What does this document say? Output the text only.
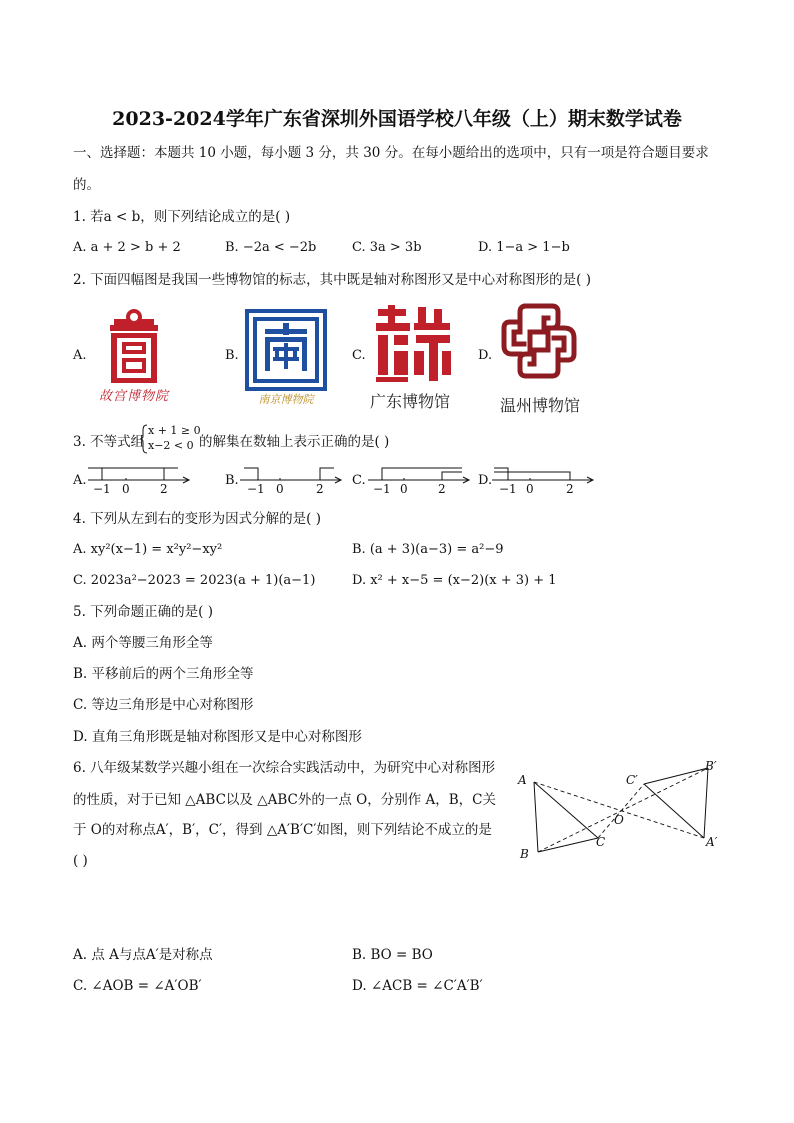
2023-2024学年广东省深圳外国语学校八年级（上）期末数学试卷
一、选择题：本题共 10 小题，每小题 3 分，共 30 分。在每小题给出的选项中，只有一项是符合题目要求
的。
1. 若a < b，则下列结论成立的是( )
A. a + 2 > b + 2	B. −2a < −2b	C. 3a > 3b	D. 1−a > 1−b
2. 下面四幅图是我国一些博物馆的标志，其中既是轴对称图形又是中心对称图形的是( )
A.
故宫博物院
B.
南京博物院
C.
广东博物馆
D.
温州博物馆
3. 不等式组
x + 1 ≥ 0
x−2 < 0 的解集在数轴上表示正确的是( )
A.
−1 0	2
B.
−1 0	2
C.
−1 0	2
D.
−1 0	2
4. 下列从左到右的变形为因式分解的是( )
A. xy²(x−1) = x²y²−xy²	B. (a + 3)(a−3) = a²−9
C. 2023a²−2023 = 2023(a + 1)(a−1)	D. x² + x−5 = (x−2)(x + 3) + 1
5. 下列命题正确的是( )
A. 两个等腰三角形全等
B. 平移前后的两个三角形全等
C. 等边三角形是中心对称图形
D. 直角三角形既是轴对称图形又是中心对称图形
6. 八年级某数学兴趣小组在一次综合实践活动中，为研究中心对称图形
的性质，对于已知 △ABC以及 △ABC外的一点 O，分别作 A，B，C关
于 O的对称点A′，B′，C′，得到 △A′B′C′如图，则下列结论不成立的是
( )
A
B
C
O
A′
B′
C′
A. 点 A与点A′是对称点	B. BO = BO
C. ∠AOB = ∠A′OB′	D. ∠ACB = ∠C′A′B′
